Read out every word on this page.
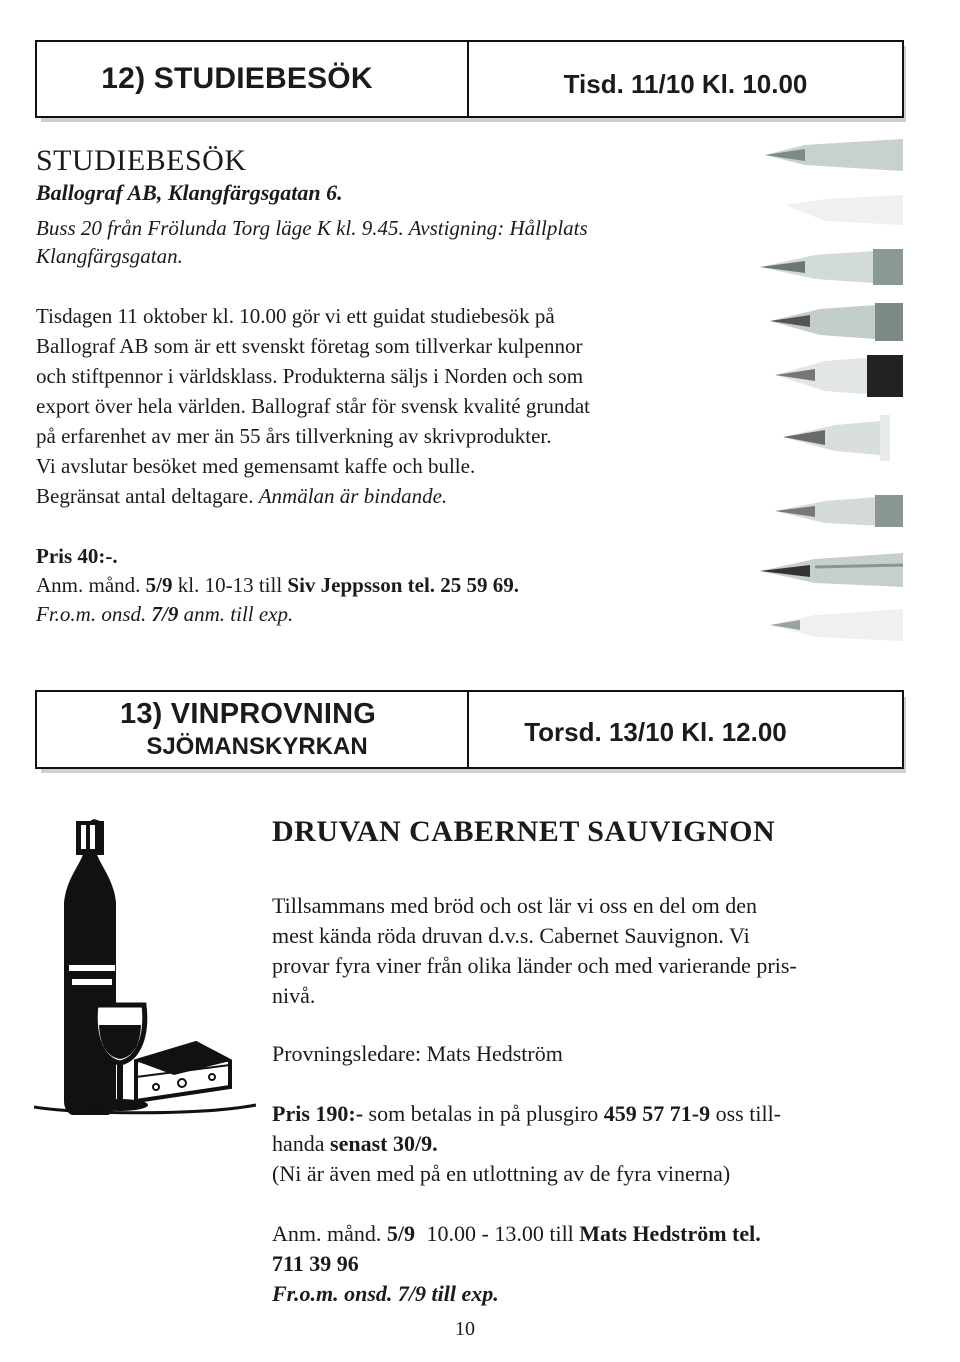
12) STUDIEBESÖK	Tisd. 11/10 Kl. 10.00
STUDIEBESÖK
Ballograf AB, Klangfärgsgatan 6.
Buss 20 från Frölunda Torg läge K kl. 9.45. Avstigning: Hållplats
Klangfärgsgatan.
Tisdagen 11 oktober kl. 10.00 gör vi ett guidat studiebesök på
Ballograf AB som är ett svenskt företag som tillverkar kulpennor
och stiftpennor i världsklass. Produkterna säljs i Norden och som
export över hela världen. Ballograf står för svensk kvalité grundat
på erfarenhet av mer än 55 års tillverkning av skrivprodukter.
Vi avslutar besöket med gemensamt kaffe och bulle.
Begränsat antal deltagare. Anmälan är bindande.
Pris 40:-.
Anm. månd. 5/9 kl. 10-13 till Siv Jeppsson tel. 25 59 69.
Fr.o.m. onsd. 7/9 anm. till exp.
13) VINPROVNING
SJÖMANSKYRKAN	Torsd. 13/10 Kl. 12.00
DRUVAN CABERNET SAUVIGNON
Tillsammans med bröd och ost lär vi oss en del om den
mest kända röda druvan d.v.s. Cabernet Sauvignon. Vi
provar fyra viner från olika länder och med varierande pris-
nivå.
Provningsledare: Mats Hedström
Pris 190:- som betalas in på plusgiro 459 57 71-9 oss till-
handa senast 30/9.
(Ni är även med på en utlottning av de fyra vinerna)
Anm. månd. 5/9 10.00 - 13.00 till Mats Hedström tel.
711 39 96
Fr.o.m. onsd. 7/9 till exp.
10
